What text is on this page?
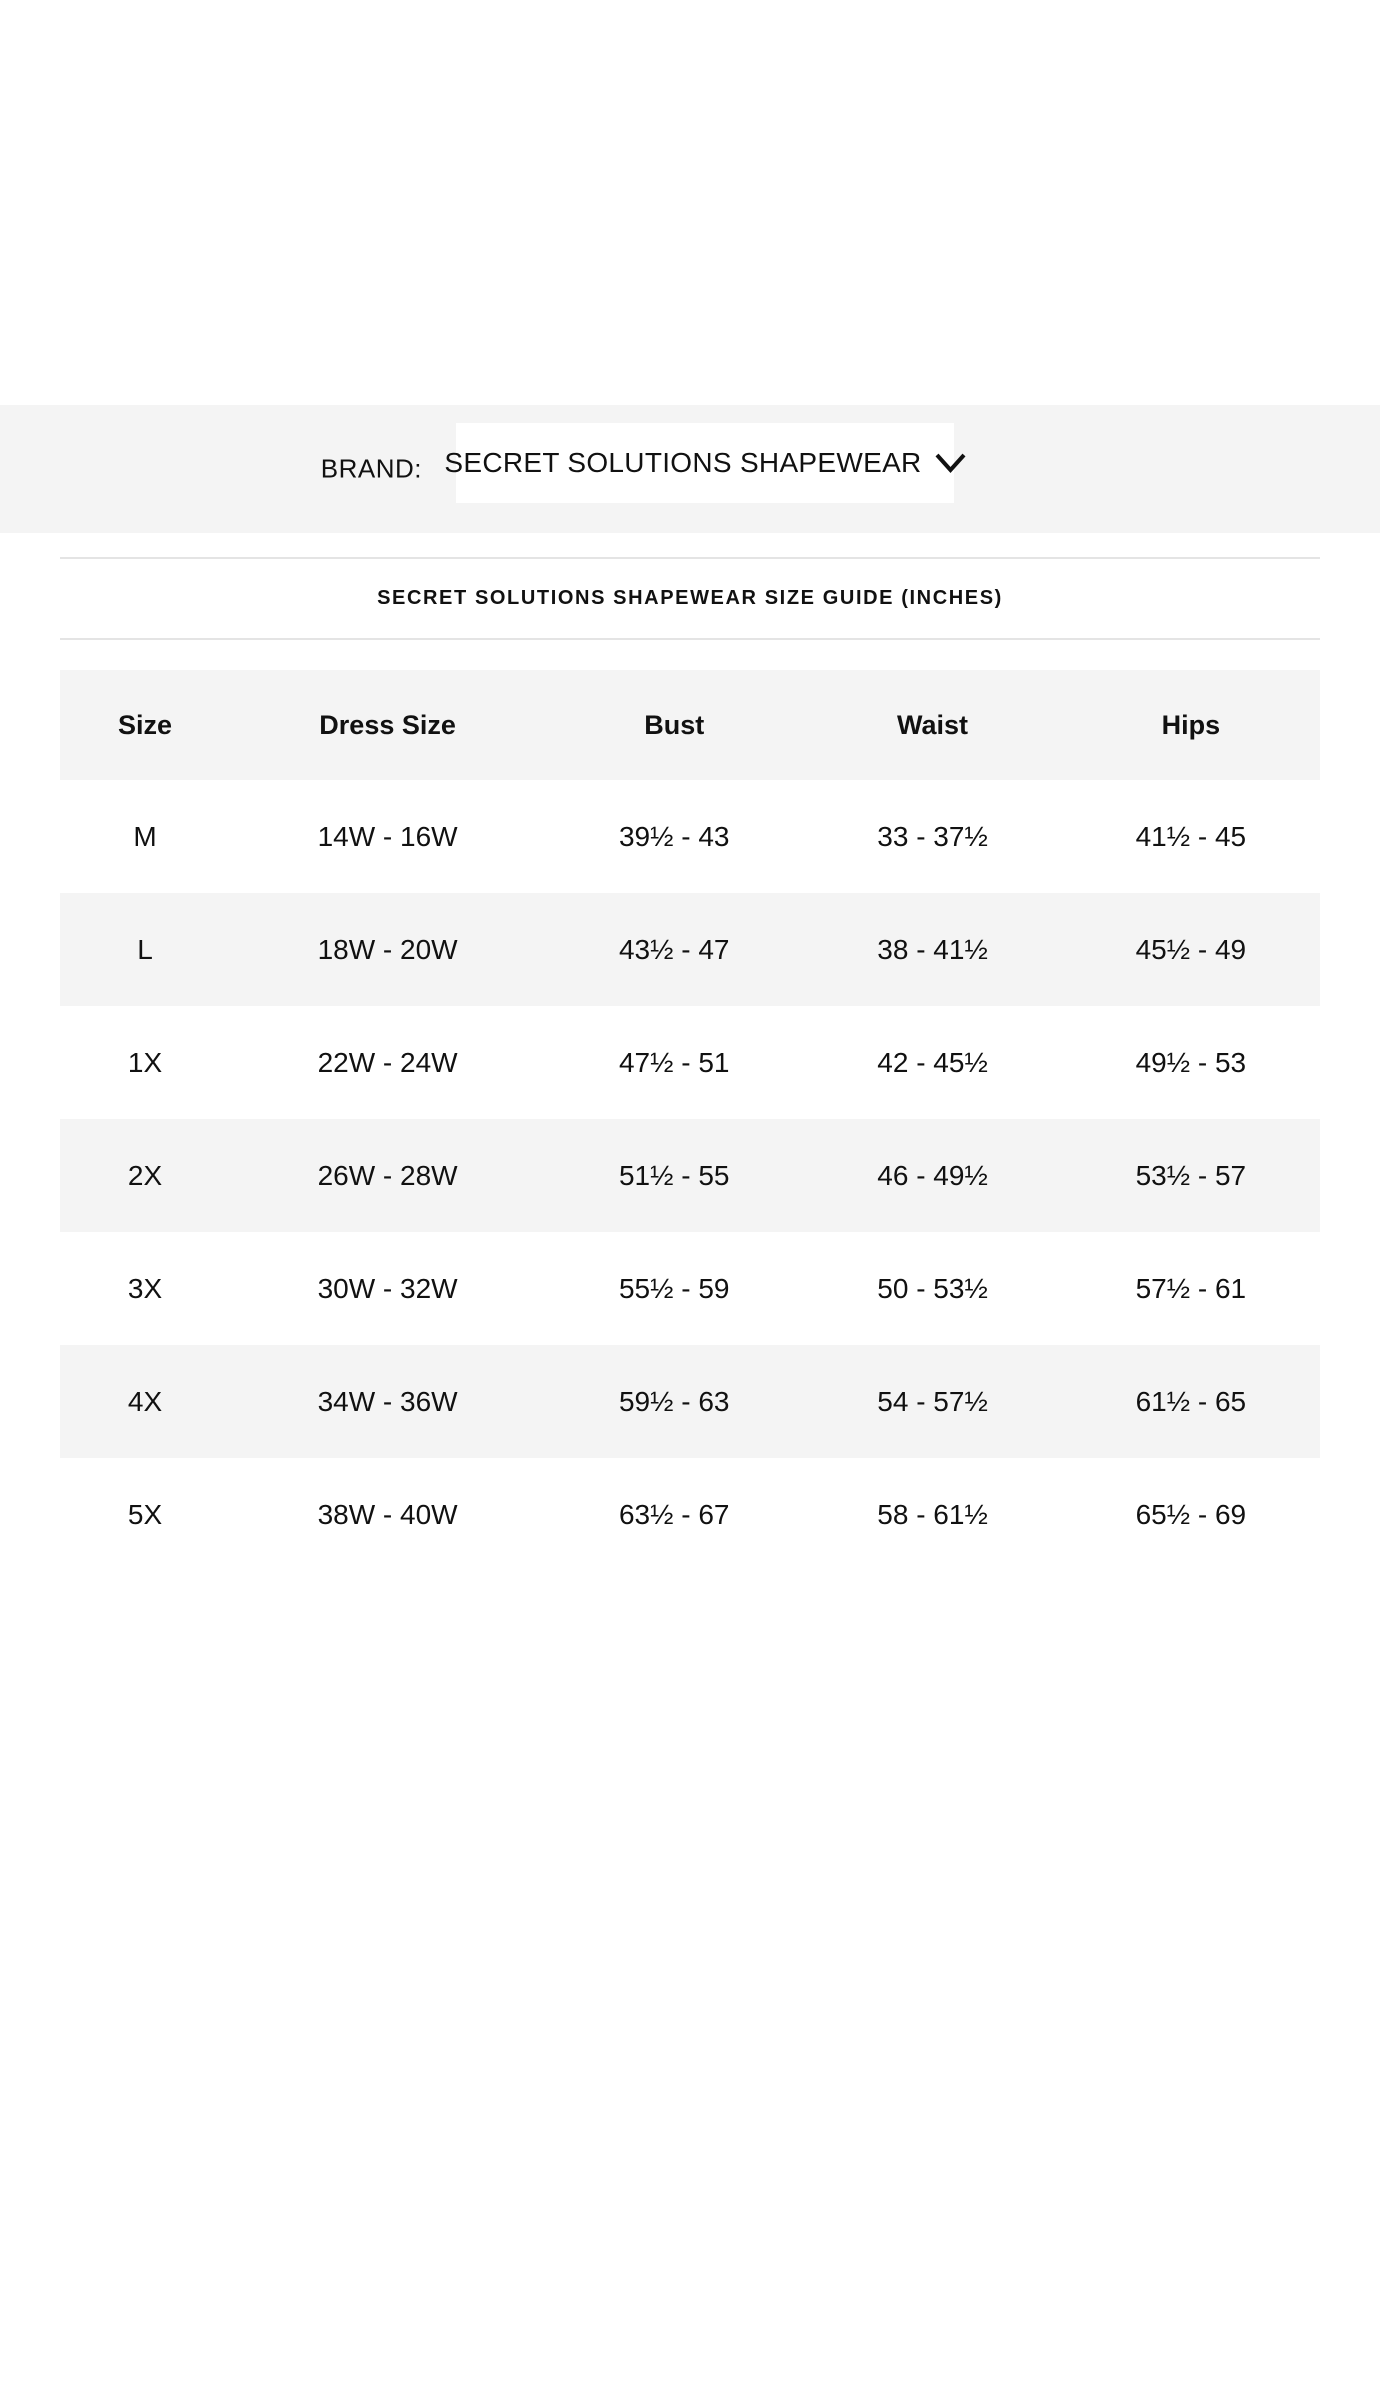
BRAND: SECRET SOLUTIONS SHAPEWEAR
SECRET SOLUTIONS SHAPEWEAR SIZE GUIDE (INCHES)
Size	Dress Size	Bust	Waist	Hips
M	14W - 16W	39½ - 43	33 - 37½	41½ - 45
L	18W - 20W	43½ - 47	38 - 41½	45½ - 49
1X	22W - 24W	47½ - 51	42 - 45½	49½ - 53
2X	26W - 28W	51½ - 55	46 - 49½	53½ - 57
3X	30W - 32W	55½ - 59	50 - 53½	57½ - 61
4X	34W - 36W	59½ - 63	54 - 57½	61½ - 65
5X	38W - 40W	63½ - 67	58 - 61½	65½ - 69
